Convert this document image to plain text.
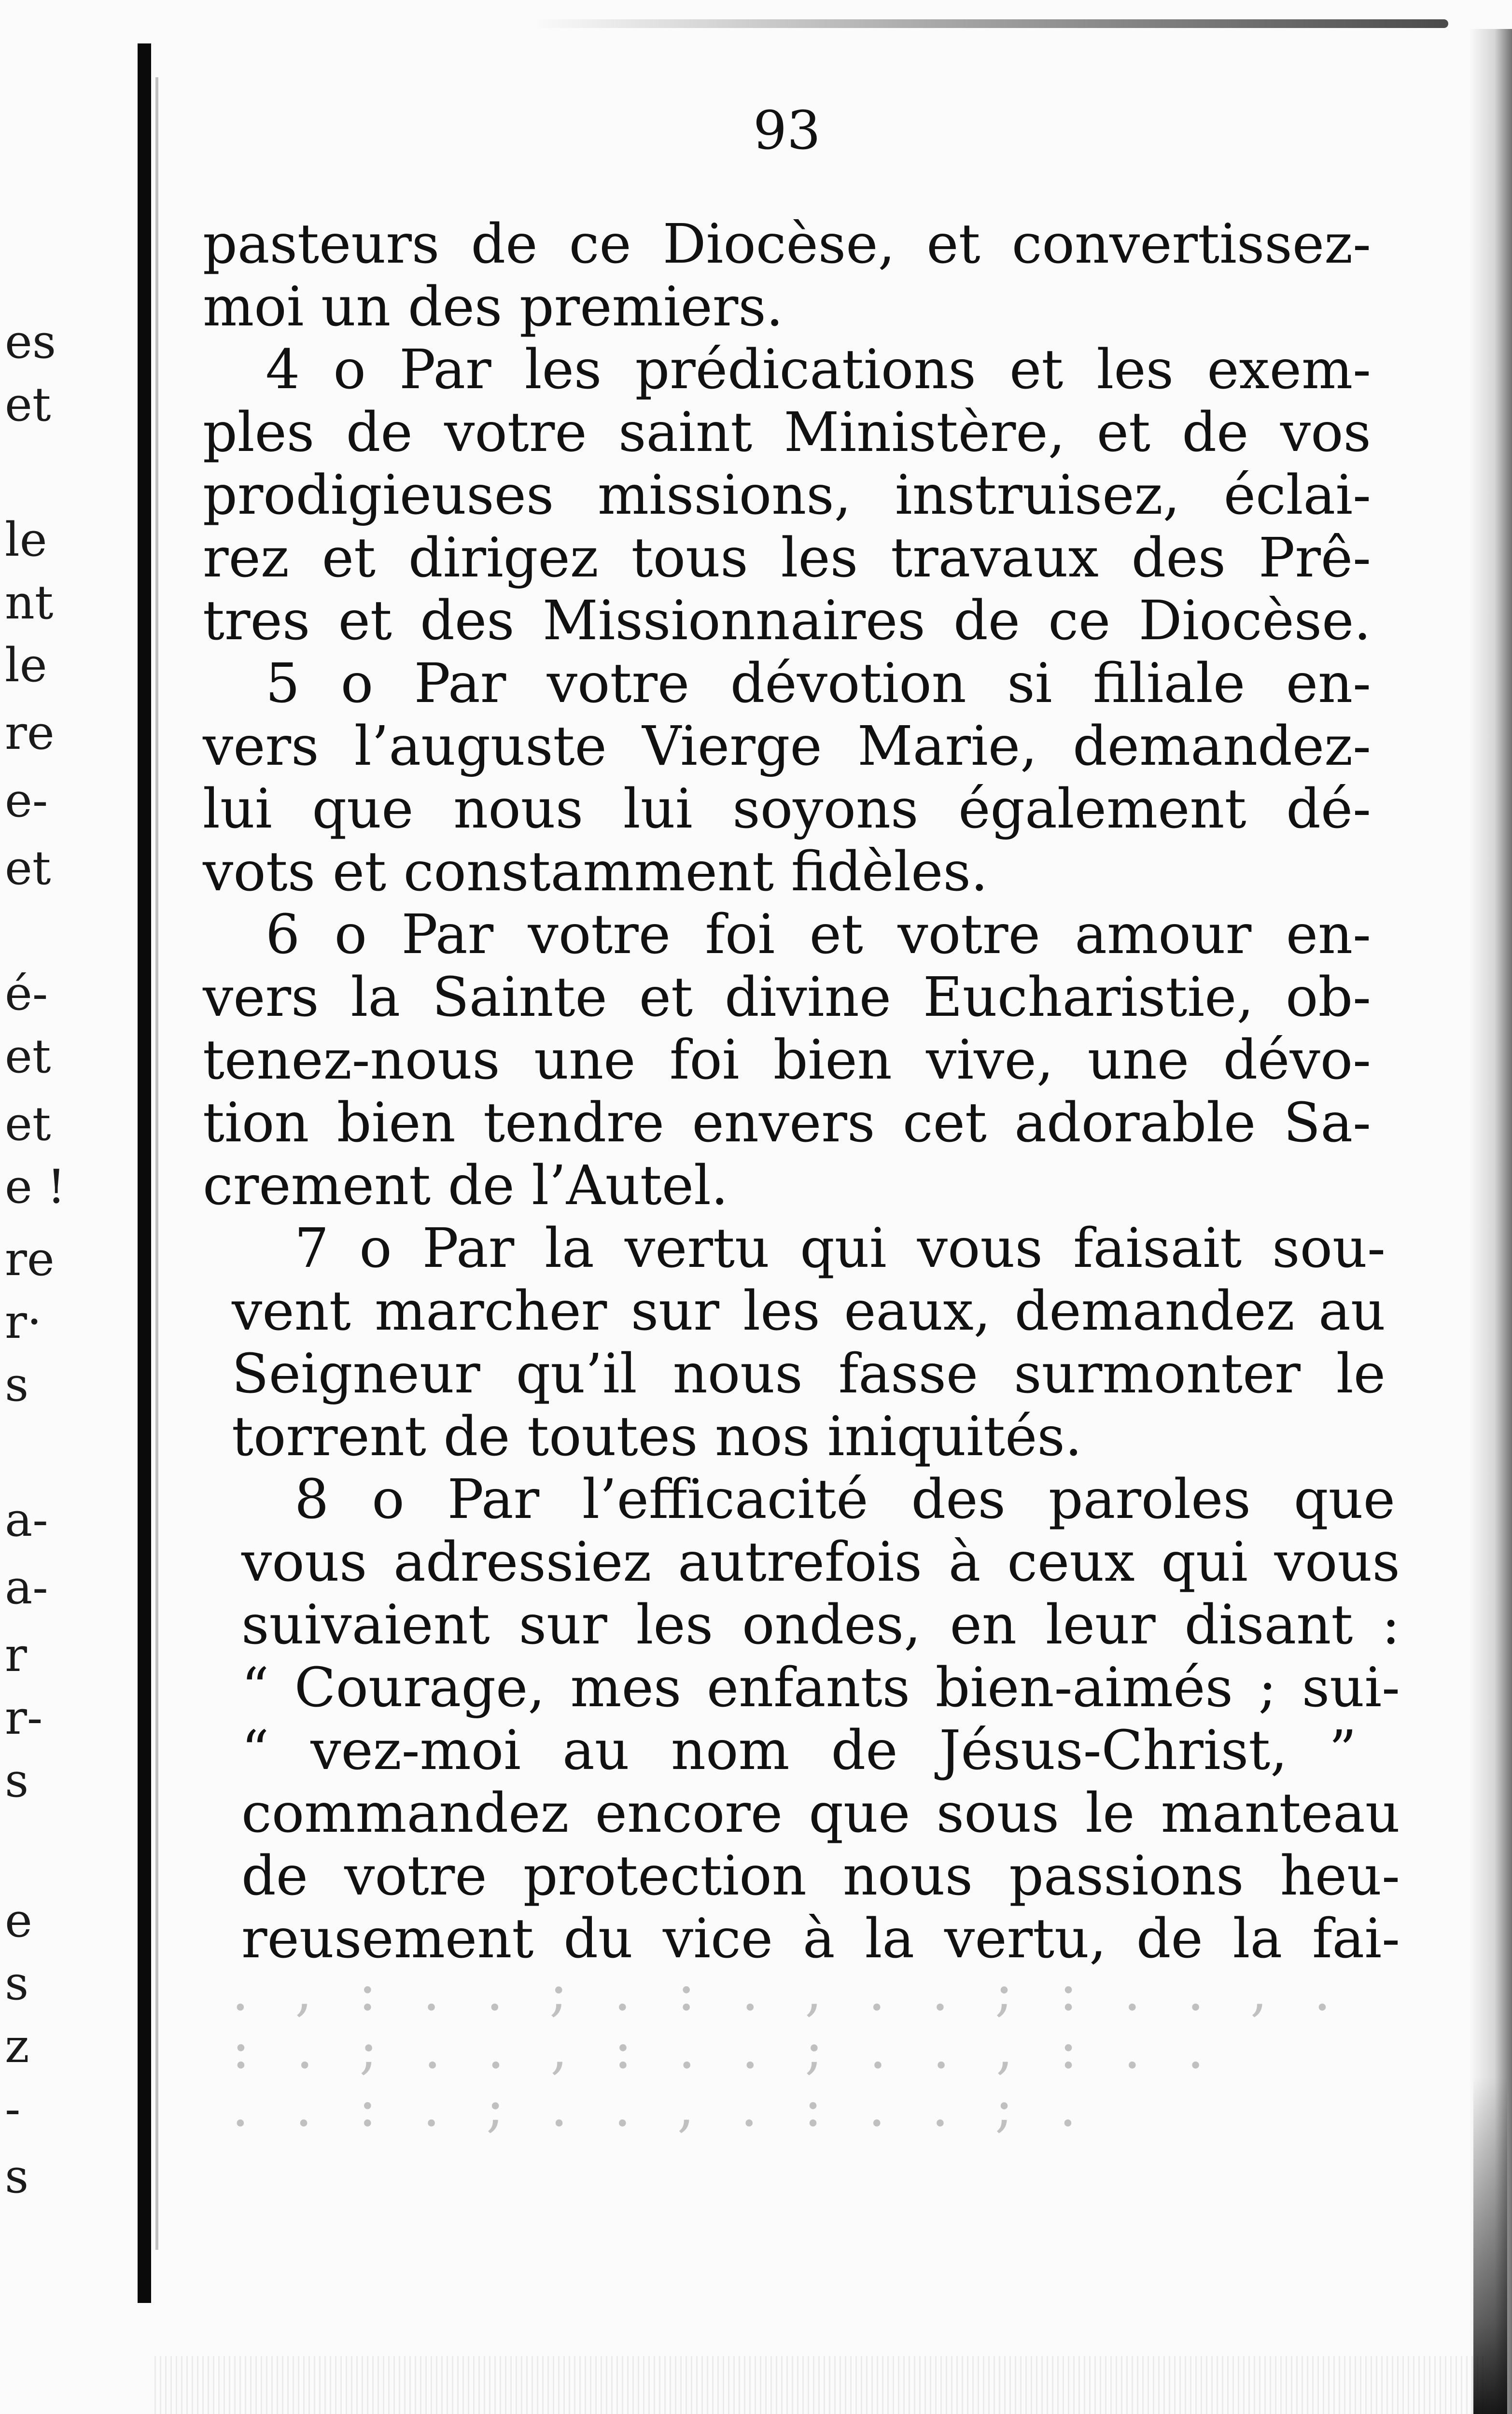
es
et
le
nt
le
re
e-
et
é-
et
et
e !
re
r·
s
a-
a-
r
r-
s
e
s
z
-
s
93
pasteurs de ce Diocèse, et convertissez-
moi un des premiers.
4 o Par les prédications et les exem-
ples de votre saint Ministère, et de vos
prodigieuses missions, instruisez, éclai-
rez et dirigez tous les travaux des Prê-
tres et des Missionnaires de ce Diocèse.
5 o Par votre dévotion si filiale en-
vers l’auguste Vierge Marie, demandez-
lui que nous lui soyons également dé-
vots et constamment fidèles.
6 o Par votre foi et votre amour en-
vers la Sainte et divine Eucharistie, ob-
tenez-nous une foi bien vive, une dévo-
tion bien tendre envers cet adorable Sa-
crement de l’Autel.
7 o Par la vertu qui vous faisait sou-
vent marcher sur les eaux, demandez au
Seigneur qu’il nous fasse surmonter le
torrent de toutes nos iniquités.
8 o Par l’efficacité des paroles que
vous adressiez autrefois à ceux qui vous
suivaient sur les ondes, en leur disant :
“ Courage, mes enfants bien-aimés ; sui-
“ vez-moi au nom de Jésus-Christ, ”
commandez encore que sous le manteau
de votre protection nous passions heu-
reusement du vice à la vertu, de la fai-
. , : . . ; . : . , . . ; : . . , .
: . ; . . , : . . ; . . , : . .
. . : . ; . . , . : . . ; .
